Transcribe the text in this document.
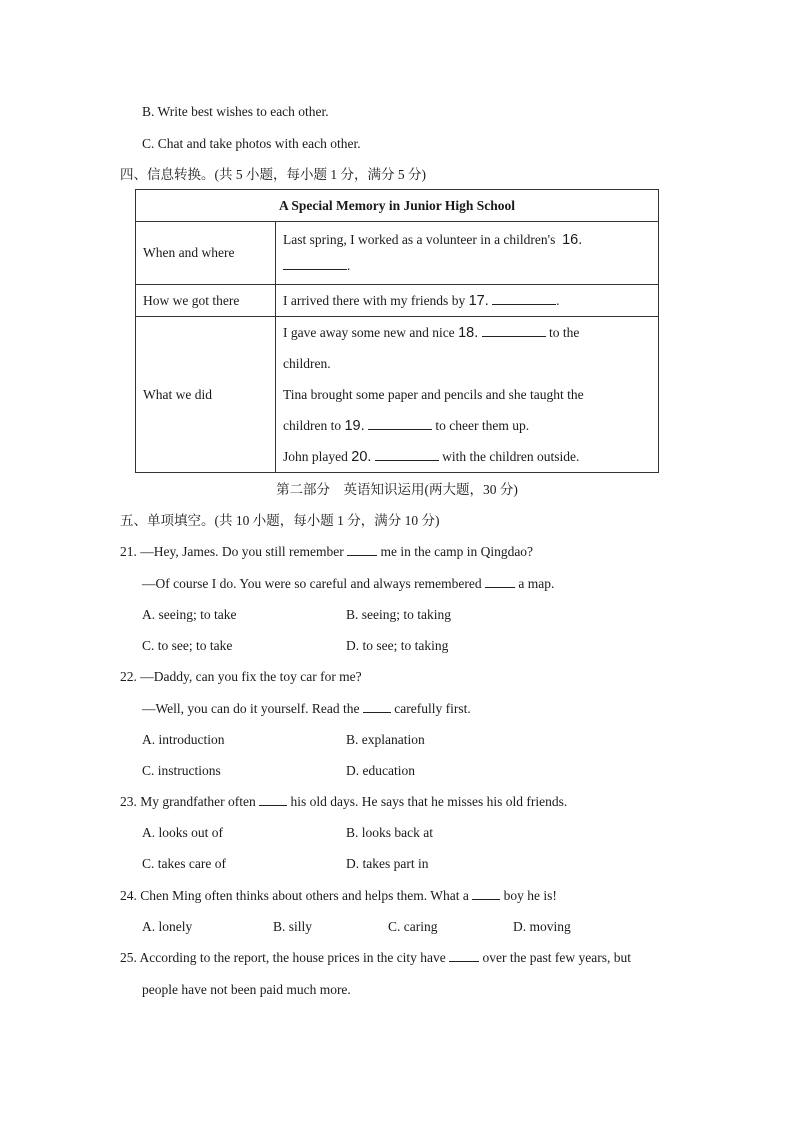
B. Write best wishes to each other.
C. Chat and take photos with each other.
四、信息转换。(共 5 小题，每小题 1 分，满分 5 分)
A Special Memory in Junior High School	
When and where	Last spring, I worked as a volunteer in a children's 16.
.

How we got there	I arrived there with my friends by 17. .

What we did	I gave away some new and nice 18. to the
children.
Tina brought some paper and pencils and she taught the
children to 19. to cheer them up.
John played 20. with the children outside.
第二部分　英语知识运用(两大题，30 分)
五、单项填空。(共 10 小题，每小题 1 分，满分 10 分)
21. —Hey, James. Do you still remember	me in the camp in Qingdao?
—Of course I do. You were so careful and always remembered	a map.
A. seeing; to take	B. seeing; to taking
C. to see; to take	D. to see; to taking
22. —Daddy, can you fix the toy car for me?
—Well, you can do it yourself. Read the	carefully first.
A. introduction	B. explanation
C. instructions	D. education
23. My grandfather often	his old days. He says that he misses his old friends.
A. looks out of	B. looks back at
C. takes care of	D. takes part in
24. Chen Ming often thinks about others and helps them. What a	boy he is!
A. lonely	B. silly	C. caring	D. moving
25. According to the report, the house prices in the city have	over the past few years, but
people have not been paid much more.
